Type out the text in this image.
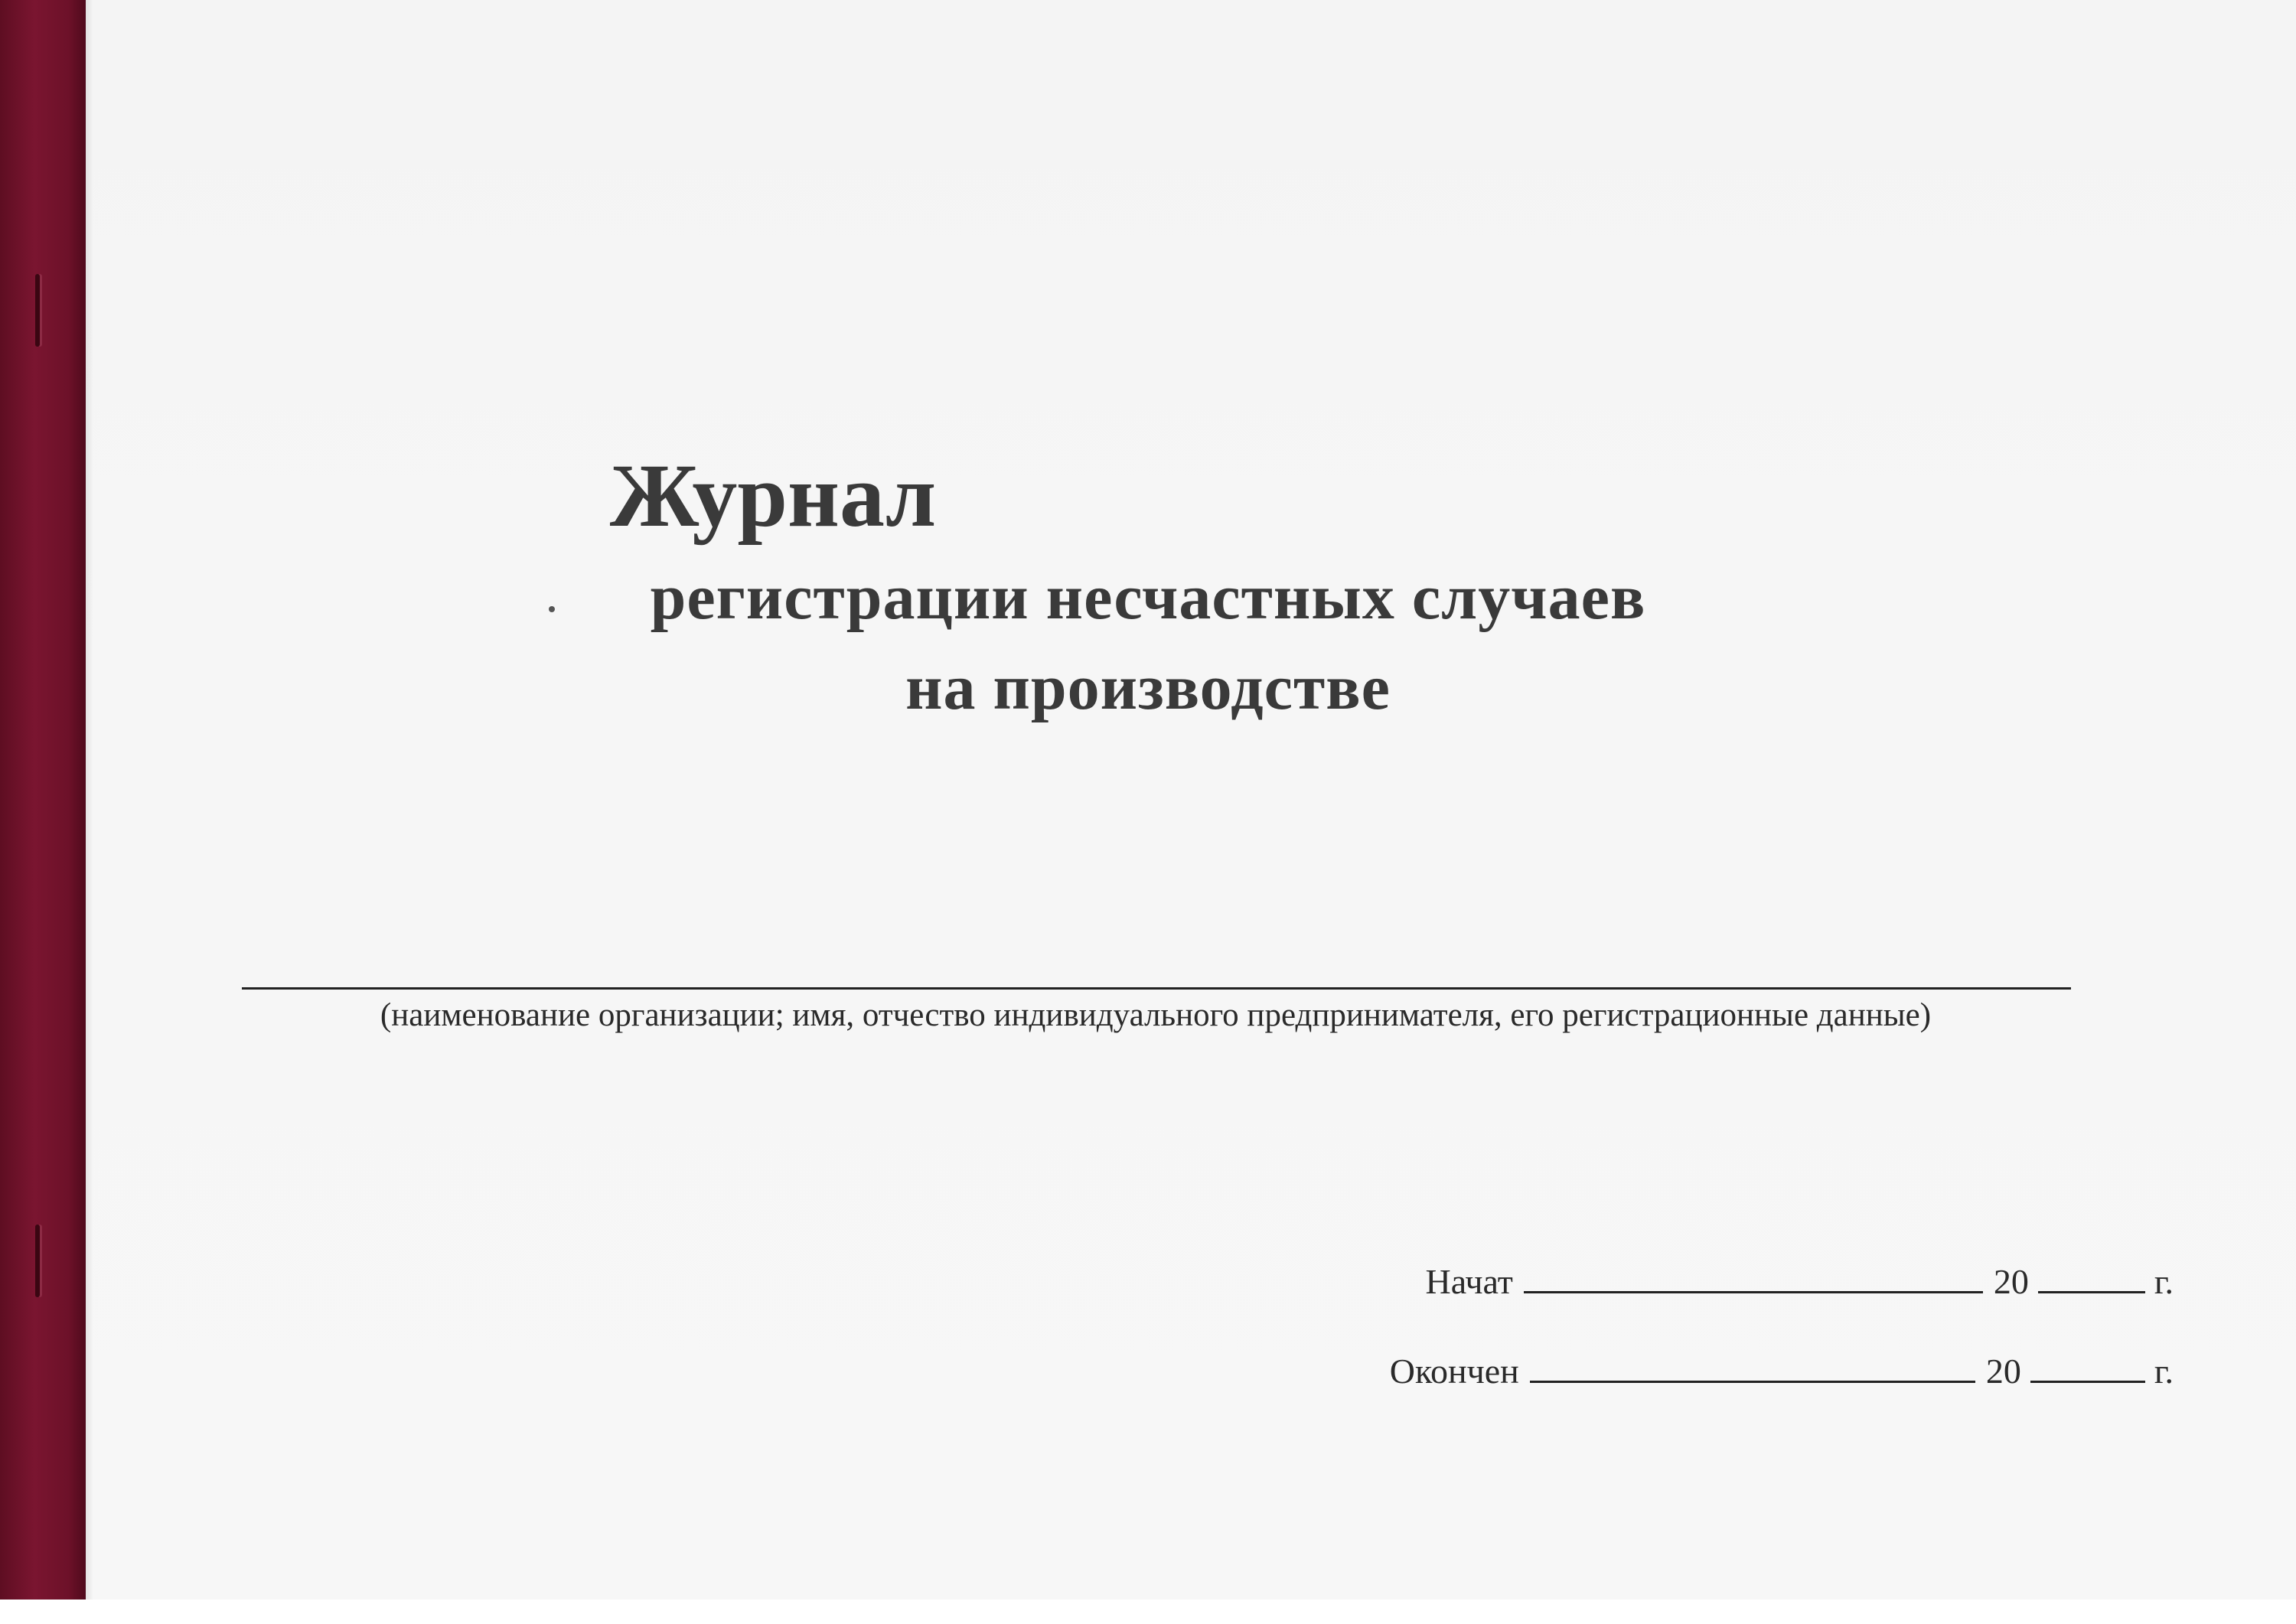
Журнал
регистрации несчастных случаев
на производстве
(наименование организации; имя, отчество индивидуального предпринимателя, его регистрационные данные)
Начат	20	г.
Окончен	20	г.
